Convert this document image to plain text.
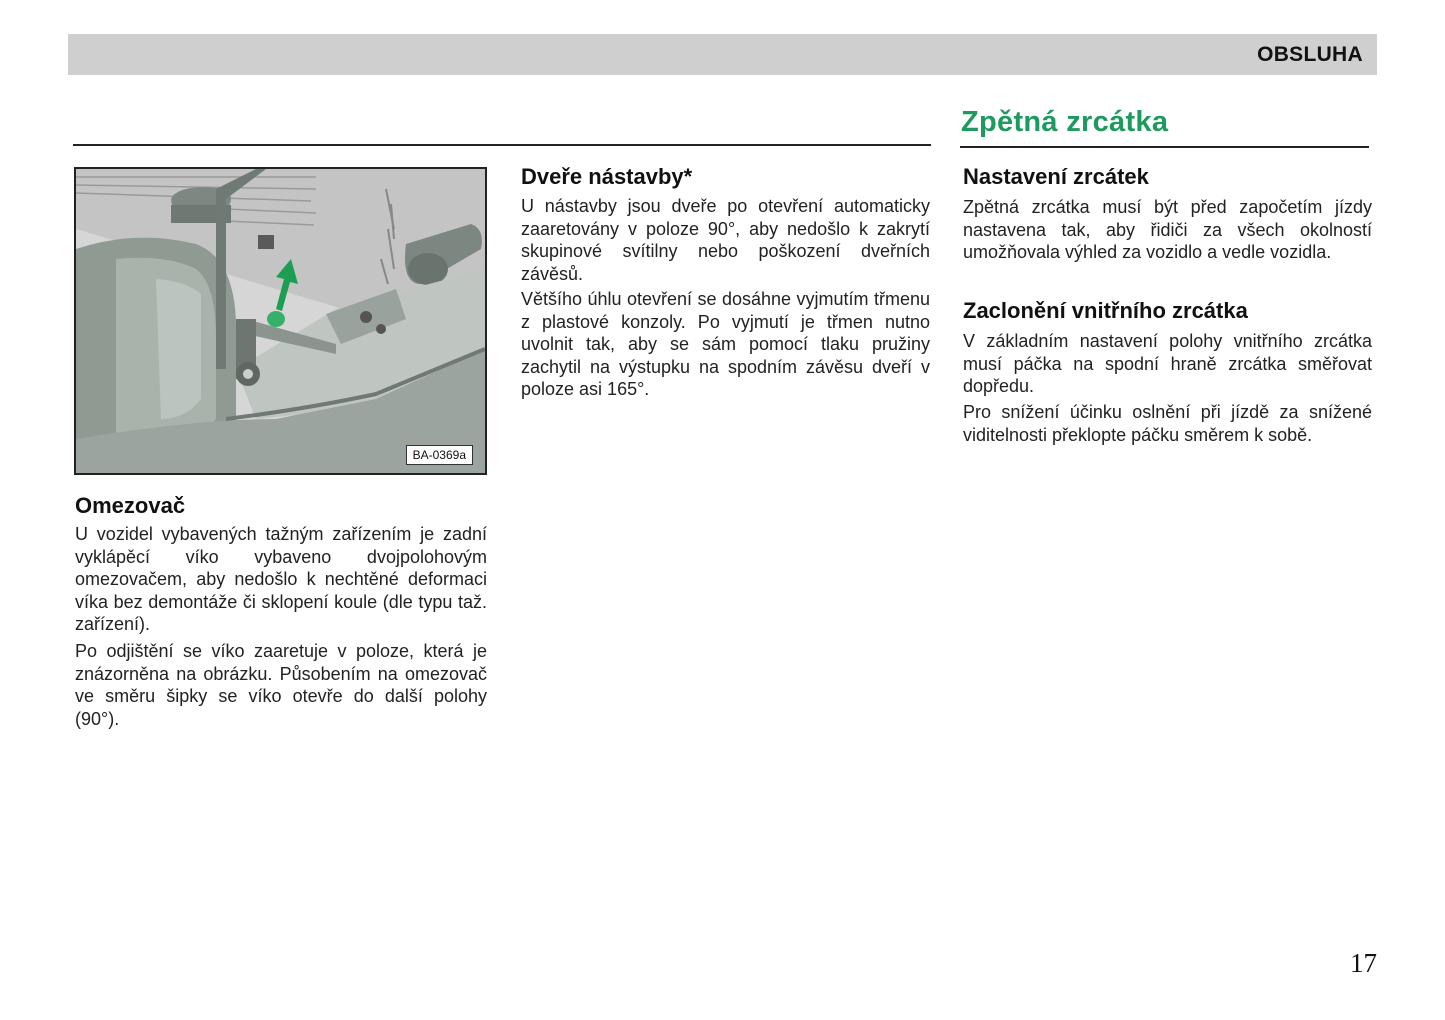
OBSLUHA
Zpětná zrcátka
BA-0369a
Omezovač

U vozidel vybavených tažným zařízením je zadní vyklápěcí víko vybaveno dvojpolohovým omezovačem, aby nedošlo k nechtěné deformaci víka bez demontáže či sklopení koule (dle typu taž. zařízení).

Po odjištění se víko zaaretuje v poloze, která je znázorněna na obrázku. Působením na omezovač ve směru šipky se víko otevře do další polohy (90°).

Dveře nástavby*

U nástavby jsou dveře po otevření automaticky zaaretovány v poloze 90°, aby nedošlo k zakrytí skupinové svítilny nebo poškození dveřních závěsů.

Většího úhlu otevření se dosáhne vyjmutím třmenu z plastové konzoly. Po vyjmutí je třmen nutno uvolnit tak, aby se sám pomocí tlaku pružiny zachytil na výstupku na spodním závěsu dveří v poloze asi 165°.

Nastavení zrcátek

Zpětná zrcátka musí být před započetím jízdy nastavena tak, aby řidiči za všech okolností umožňovala výhled za vozidlo a vedle vozidla.

Zaclonění vnitřního zrcátka

V základním nastavení polohy vnitřního zrcátka musí páčka na spodní hraně zrcátka směřovat dopředu.

Pro snížení účinku oslnění při jízdě za snížené viditelnosti překlopte páčku směrem k sobě.

17
